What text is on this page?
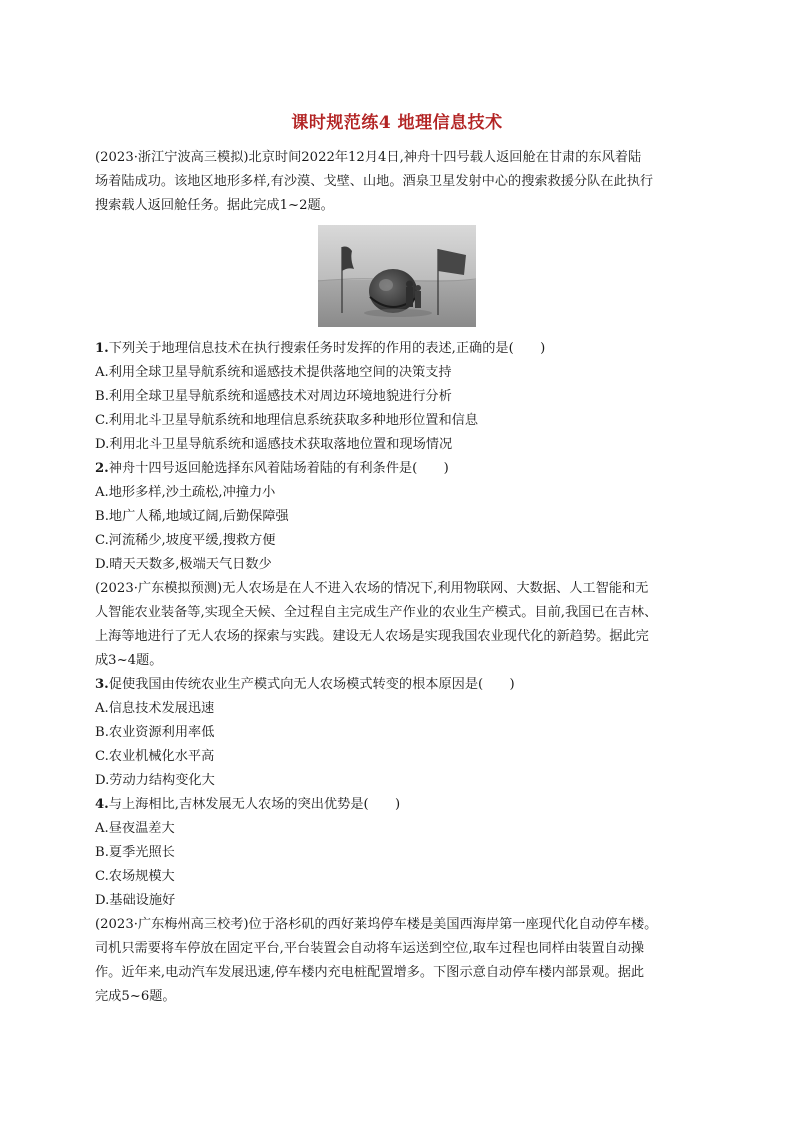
课时规范练4 地理信息技术
(2023·浙江宁波高三模拟)北京时间2022年12月4日,神舟十四号载人返回舱在甘肃的东风着陆
场着陆成功。该地区地形多样,有沙漠、戈壁、山地。酒泉卫星发射中心的搜索救援分队在此执行
搜索载人返回舱任务。据此完成1~2题。
1.下列关于地理信息技术在执行搜索任务时发挥的作用的表述,正确的是(　　)
A.利用全球卫星导航系统和遥感技术提供落地空间的决策支持
B.利用全球卫星导航系统和遥感技术对周边环境地貌进行分析
C.利用北斗卫星导航系统和地理信息系统获取多种地形位置和信息
D.利用北斗卫星导航系统和遥感技术获取落地位置和现场情况
2.神舟十四号返回舱选择东风着陆场着陆的有利条件是(　　)
A.地形多样,沙土疏松,冲撞力小
B.地广人稀,地域辽阔,后勤保障强
C.河流稀少,坡度平缓,搜救方便
D.晴天天数多,极端天气日数少
(2023·广东模拟预测)无人农场是在人不进入农场的情况下,利用物联网、大数据、人工智能和无
人智能农业装备等,实现全天候、全过程自主完成生产作业的农业生产模式。目前,我国已在吉林、
上海等地进行了无人农场的探索与实践。建设无人农场是实现我国农业现代化的新趋势。据此完
成3~4题。
3.促使我国由传统农业生产模式向无人农场模式转变的根本原因是(　　)
A.信息技术发展迅速
B.农业资源利用率低
C.农业机械化水平高
D.劳动力结构变化大
4.与上海相比,吉林发展无人农场的突出优势是(　　)
A.昼夜温差大
B.夏季光照长
C.农场规模大
D.基础设施好
(2023·广东梅州高三校考)位于洛杉矶的西好莱坞停车楼是美国西海岸第一座现代化自动停车楼。
司机只需要将车停放在固定平台,平台装置会自动将车运送到空位,取车过程也同样由装置自动操
作。近年来,电动汽车发展迅速,停车楼内充电桩配置增多。下图示意自动停车楼内部景观。据此
完成5~6题。
